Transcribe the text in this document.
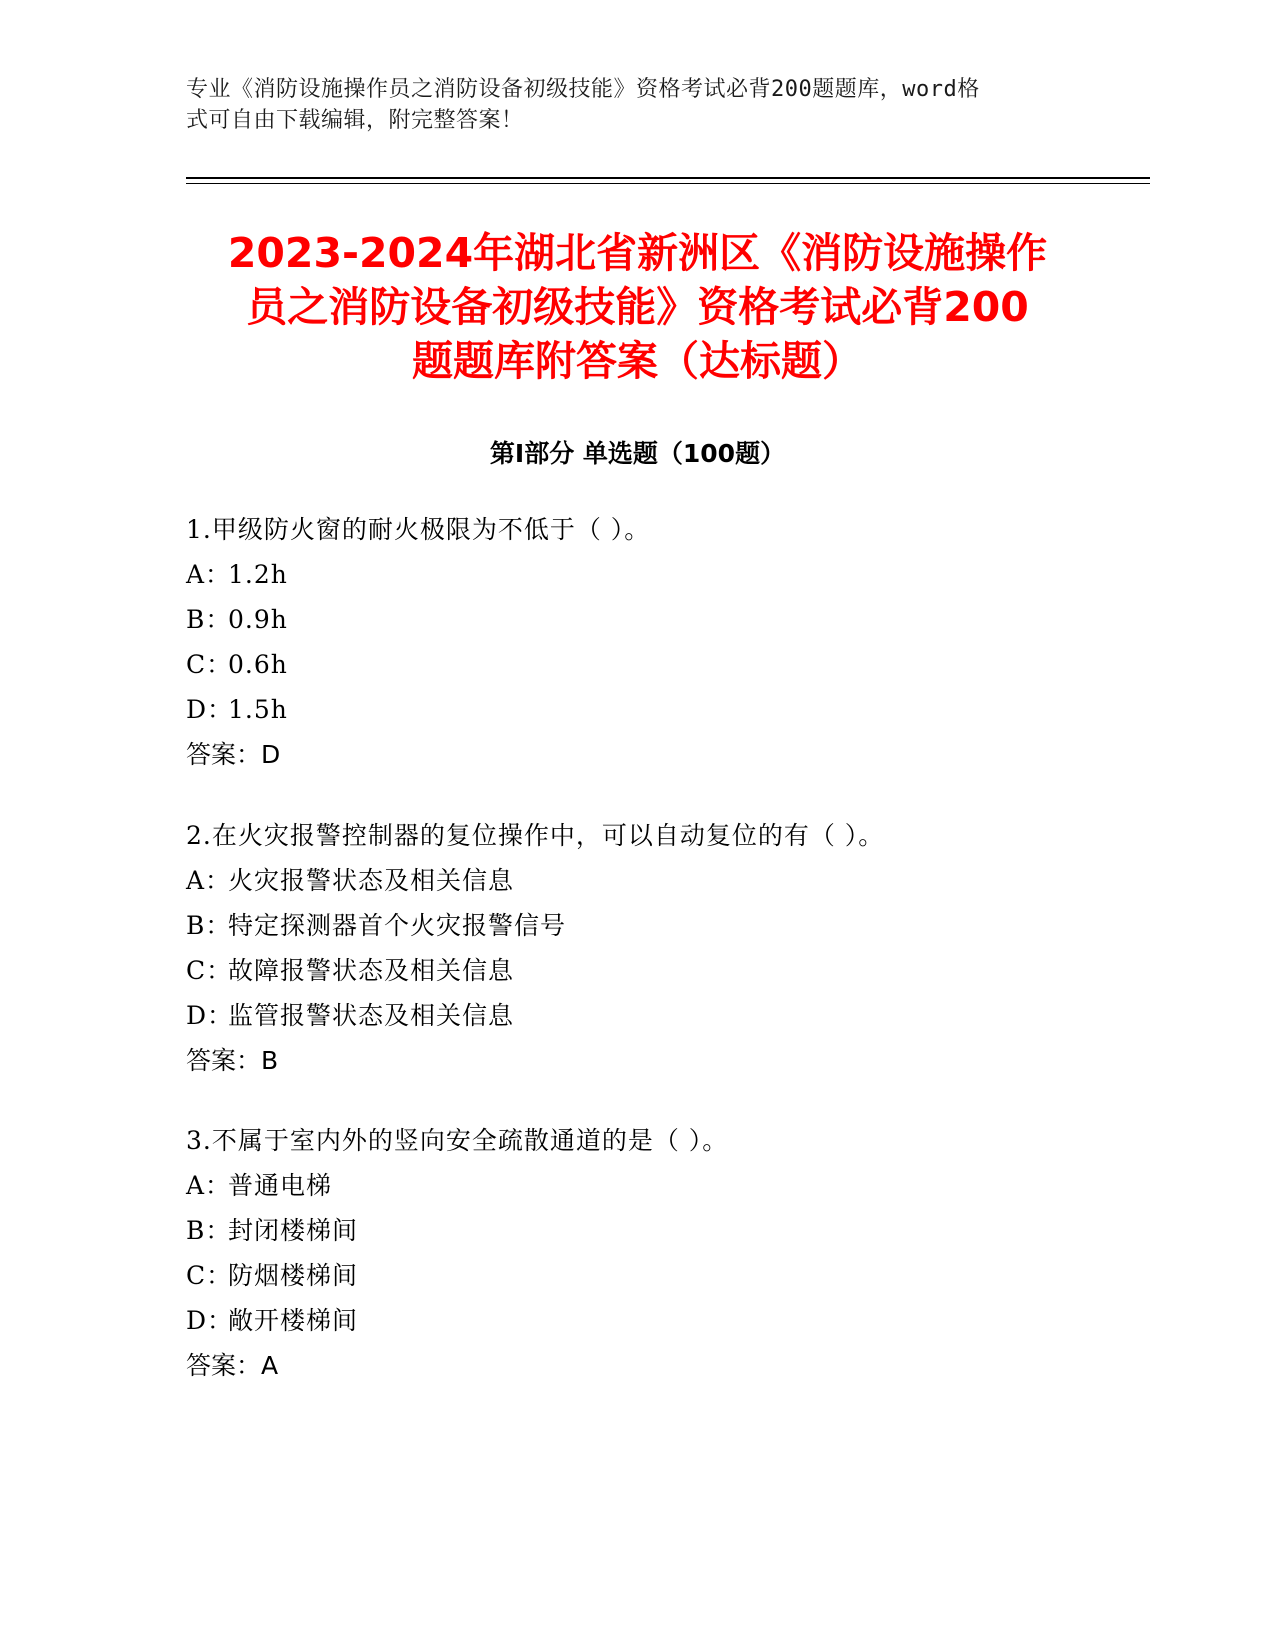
专业《消防设施操作员之消防设备初级技能》资格考试必背200题题库，word格
式可自由下载编辑，附完整答案！
2023-2024年湖北省新洲区《消防设施操作
员之消防设备初级技能》资格考试必背200
题题库附答案（达标题）
第Ⅰ部分 单选题（100题）
1.甲级防火窗的耐火极限为不低于（ ）。
A：1.2h
B：0.9h
C：0.6h
D：1.5h
答案：D
2.在火灾报警控制器的复位操作中，可以自动复位的有（ ）。
A：火灾报警状态及相关信息
B：特定探测器首个火灾报警信号
C：故障报警状态及相关信息
D：监管报警状态及相关信息
答案：B
3.不属于室内外的竖向安全疏散通道的是（ ）。
A：普通电梯
B：封闭楼梯间
C：防烟楼梯间
D：敞开楼梯间
答案：A
